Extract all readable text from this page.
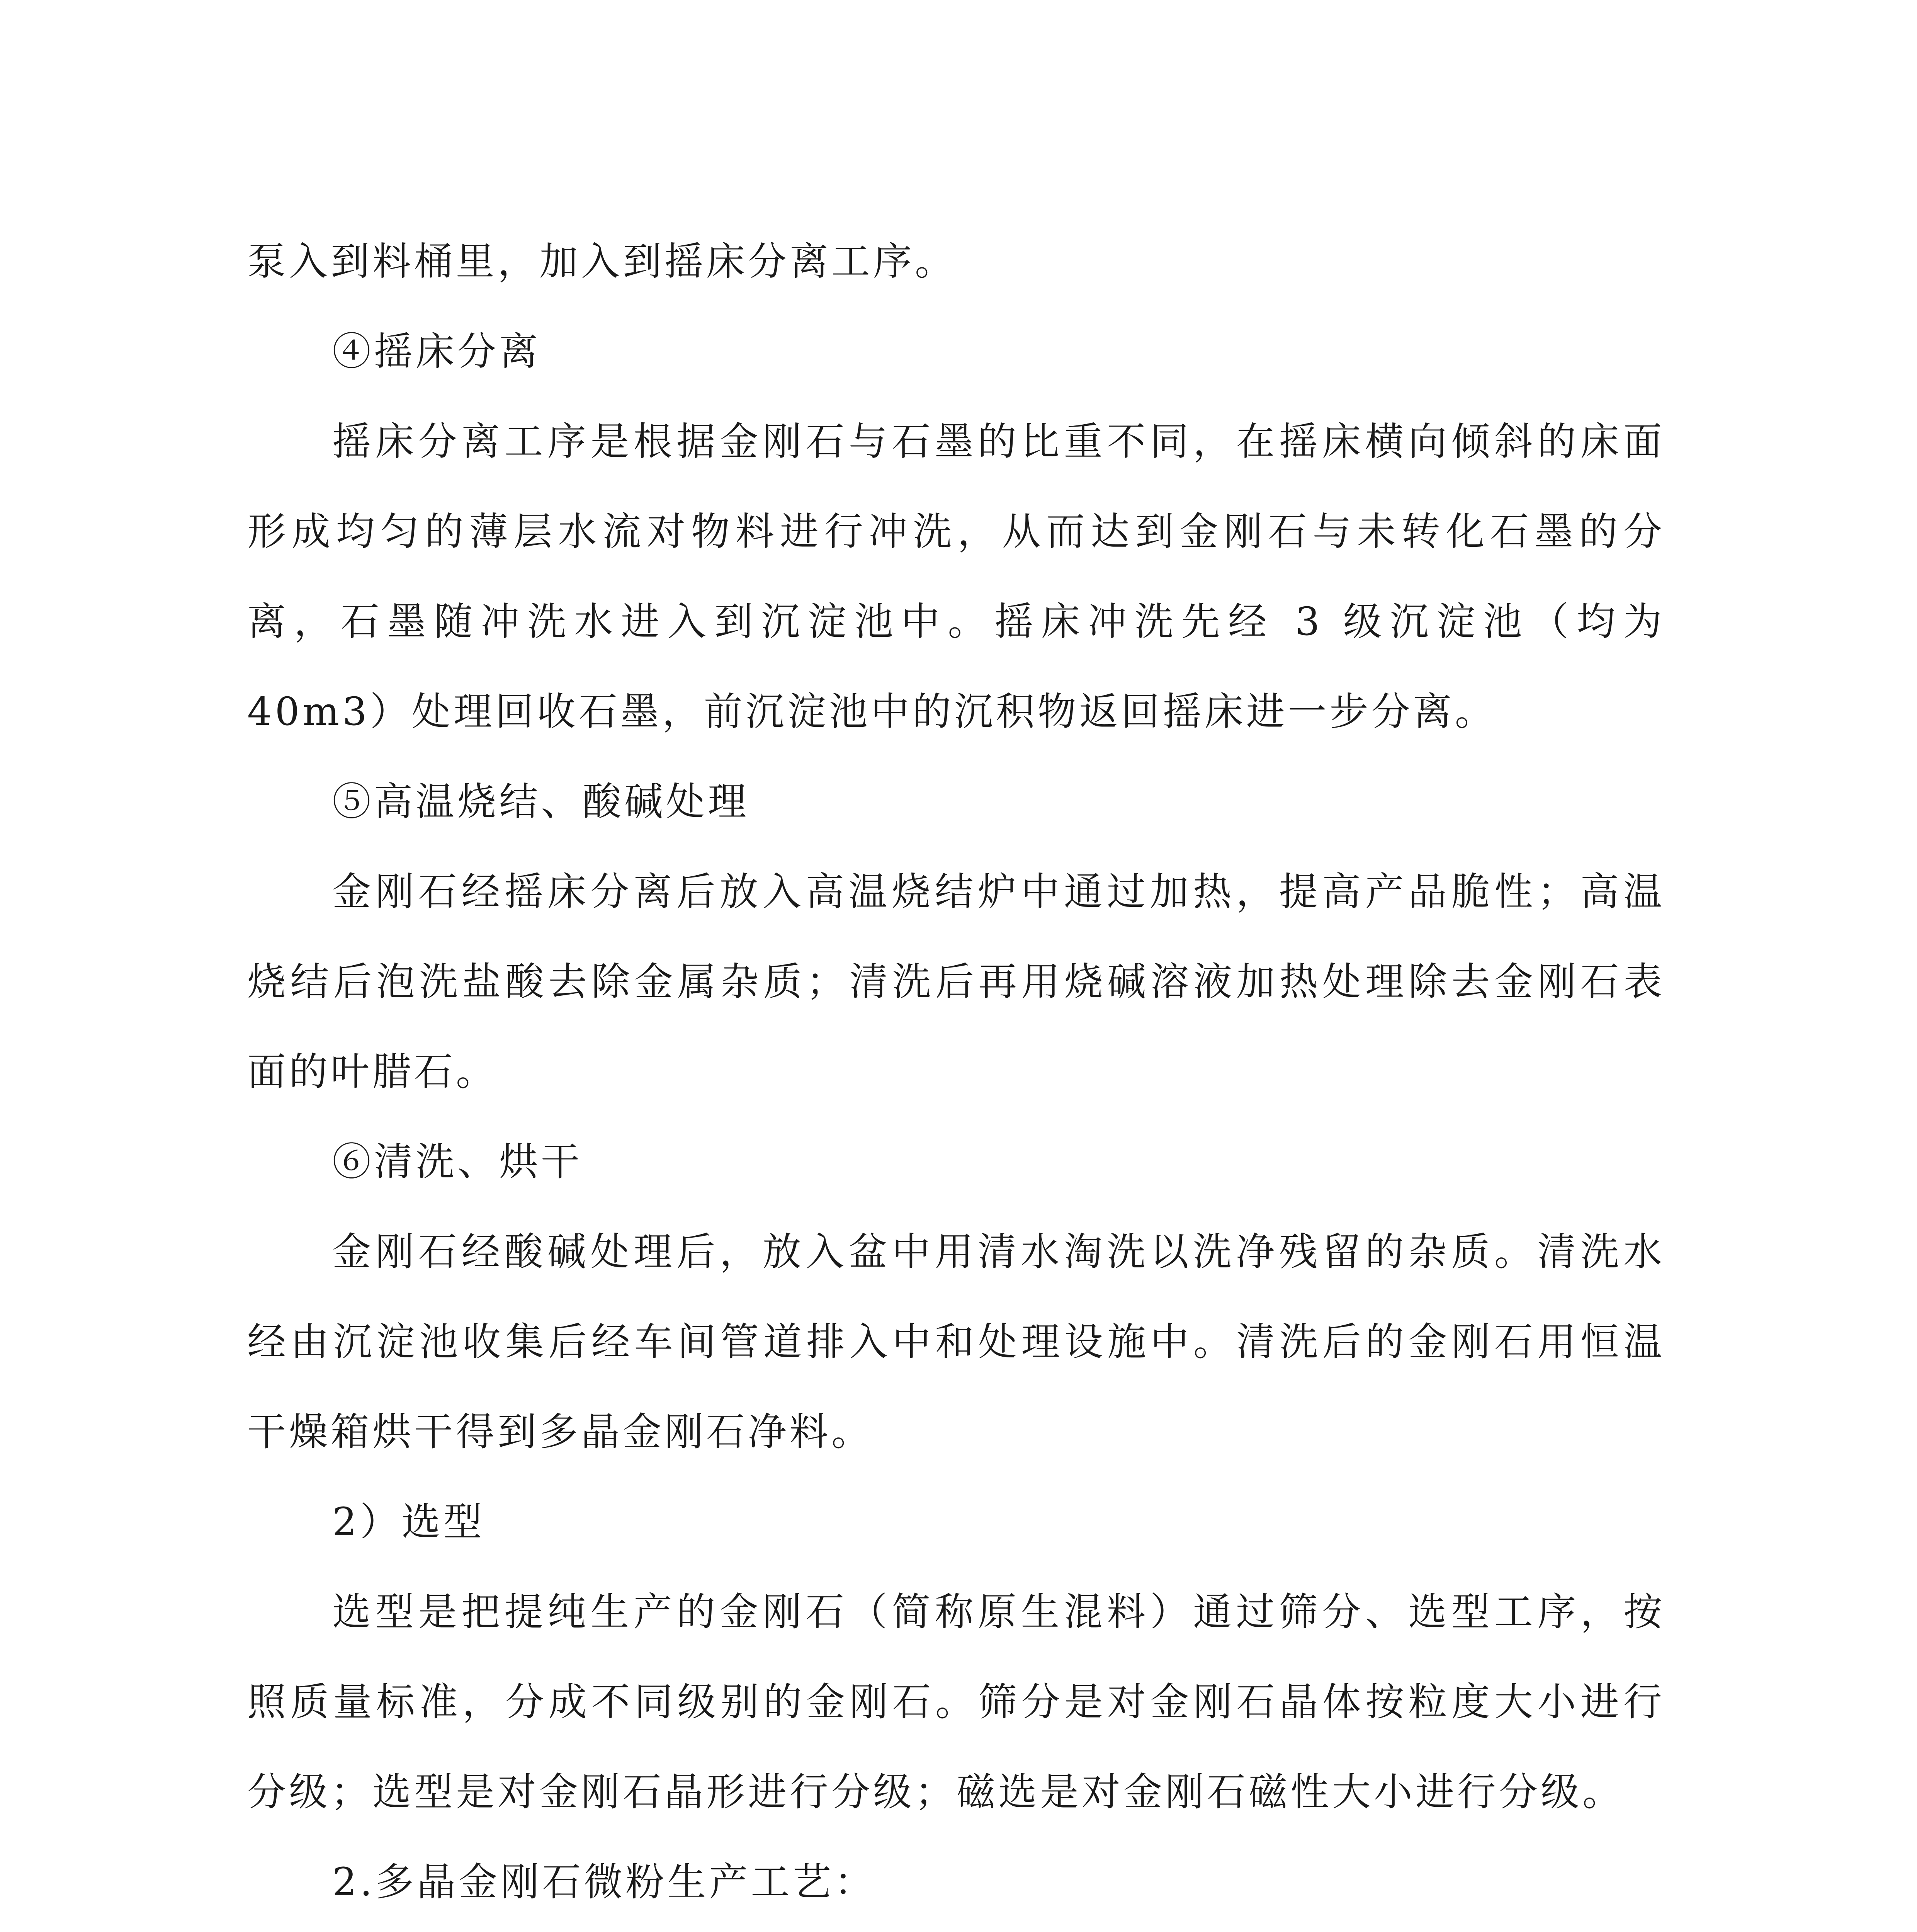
泵入到料桶里，加入到摇床分离工序。

④摇床分离

摇床分离工序是根据金刚石与石墨的比重不同，在摇床横向倾斜的床面形成均匀的薄层水流对物料进行冲洗，从而达到金刚石与未转化石墨的分离，石墨随冲洗水进入到沉淀池中。摇床冲洗先经 3 级沉淀池（均为 40m3）处理回收石墨，前沉淀池中的沉积物返回摇床进一步分离。

⑤高温烧结、酸碱处理

金刚石经摇床分离后放入高温烧结炉中通过加热，提高产品脆性；高温烧结后泡洗盐酸去除金属杂质；清洗后再用烧碱溶液加热处理除去金刚石表面的叶腊石。

⑥清洗、烘干

金刚石经酸碱处理后，放入盆中用清水淘洗以洗净残留的杂质。清洗水经由沉淀池收集后经车间管道排入中和处理设施中。清洗后的金刚石用恒温干燥箱烘干得到多晶金刚石净料。

2）选型

选型是把提纯生产的金刚石（简称原生混料）通过筛分、选型工序，按照质量标准，分成不同级别的金刚石。筛分是对金刚石晶体按粒度大小进行分级；选型是对金刚石晶形进行分级；磁选是对金刚石磁性大小进行分级。

2.多晶金刚石微粉生产工艺：
